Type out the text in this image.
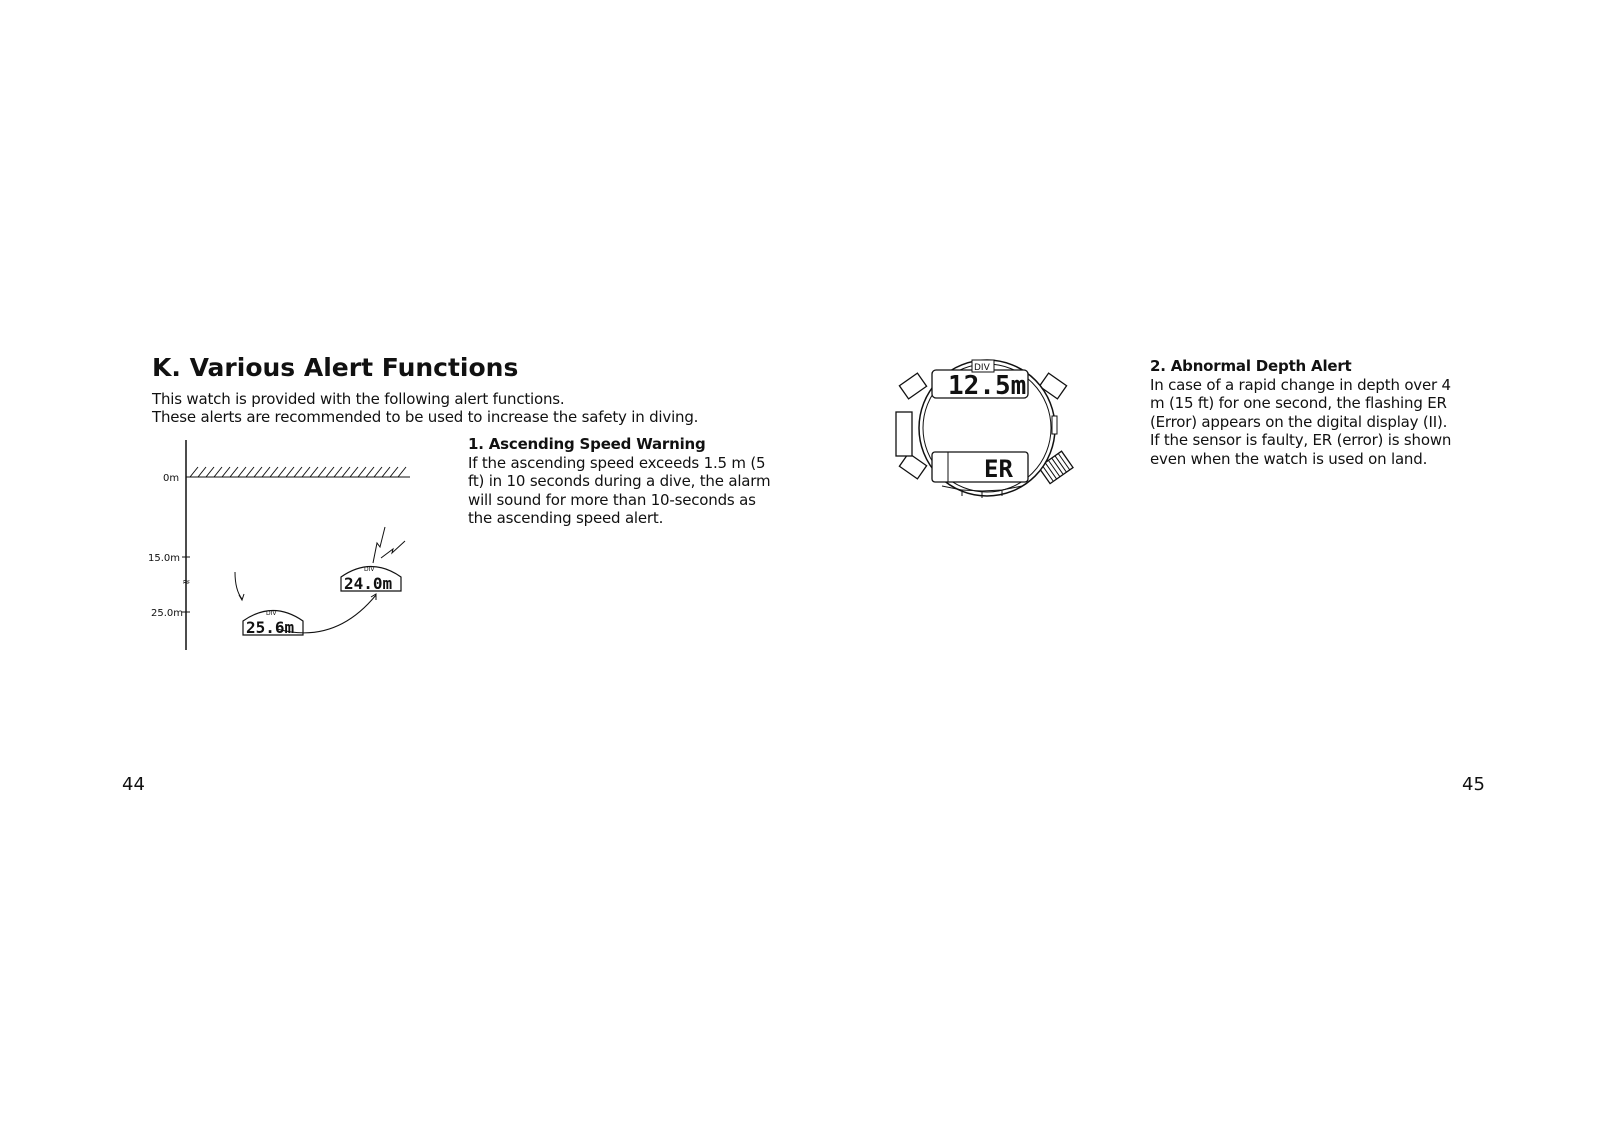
K. Various Alert Functions
This watch is provided with the following alert functions.
These alerts are recommended to be used to increase the safety in diving.
≈
0m
15.0m
25.0m	DIV
25.6m
DIV
24.0m
1. Ascending Speed Warning

If the ascending speed exceeds 1.5 m (5 ft) in 10 seconds during a dive, the alarm will sound for more than 10-seconds as the ascending speed alert.

DIV
12.5m
ER
2. Abnormal Depth Alert

In case of a rapid change in depth over 4 m (15 ft) for one second, the flashing ER (Error) appears on the digital display (II).

If the sensor is faulty, ER (error) is shown even when the watch is used on land.

44	45
